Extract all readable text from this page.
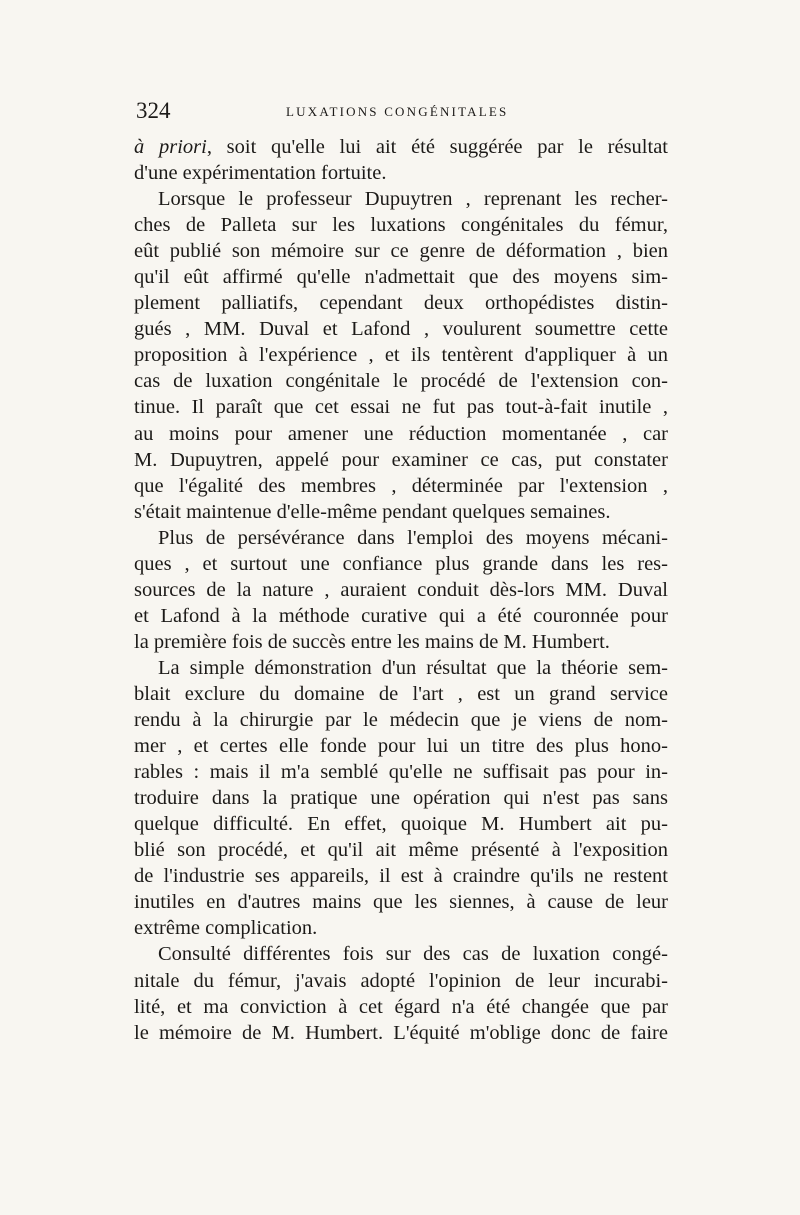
324	LUXATIONS CONGÉNITALES
à priori, soit qu'elle lui ait été suggérée par le résultat
d'une expérimentation fortuite.
Lorsque le professeur Dupuytren , reprenant les recher-
ches de Palleta sur les luxations congénitales du fémur,
eût publié son mémoire sur ce genre de déformation , bien
qu'il eût affirmé qu'elle n'admettait que des moyens sim-
plement palliatifs, cependant deux orthopédistes distin-
gués , MM. Duval et Lafond , voulurent soumettre cette
proposition à l'expérience , et ils tentèrent d'appliquer à un
cas de luxation congénitale le procédé de l'extension con-
tinue. Il paraît que cet essai ne fut pas tout-à-fait inutile ,
au moins pour amener une réduction momentanée , car
M. Dupuytren, appelé pour examiner ce cas, put constater
que l'égalité des membres , déterminée par l'extension ,
s'était maintenue d'elle-même pendant quelques semaines.
Plus de persévérance dans l'emploi des moyens mécani-
ques , et surtout une confiance plus grande dans les res-
sources de la nature , auraient conduit dès-lors MM. Duval
et Lafond à la méthode curative qui a été couronnée pour
la première fois de succès entre les mains de M. Humbert.
La simple démonstration d'un résultat que la théorie sem-
blait exclure du domaine de l'art , est un grand service
rendu à la chirurgie par le médecin que je viens de nom-
mer , et certes elle fonde pour lui un titre des plus hono-
rables : mais il m'a semblé qu'elle ne suffisait pas pour in-
troduire dans la pratique une opération qui n'est pas sans
quelque difficulté. En effet, quoique M. Humbert ait pu-
blié son procédé, et qu'il ait même présenté à l'exposition
de l'industrie ses appareils, il est à craindre qu'ils ne restent
inutiles en d'autres mains que les siennes, à cause de leur
extrême complication.
Consulté différentes fois sur des cas de luxation congé-
nitale du fémur, j'avais adopté l'opinion de leur incurabi-
lité, et ma conviction à cet égard n'a été changée que par
le mémoire de M. Humbert. L'équité m'oblige donc de faire
